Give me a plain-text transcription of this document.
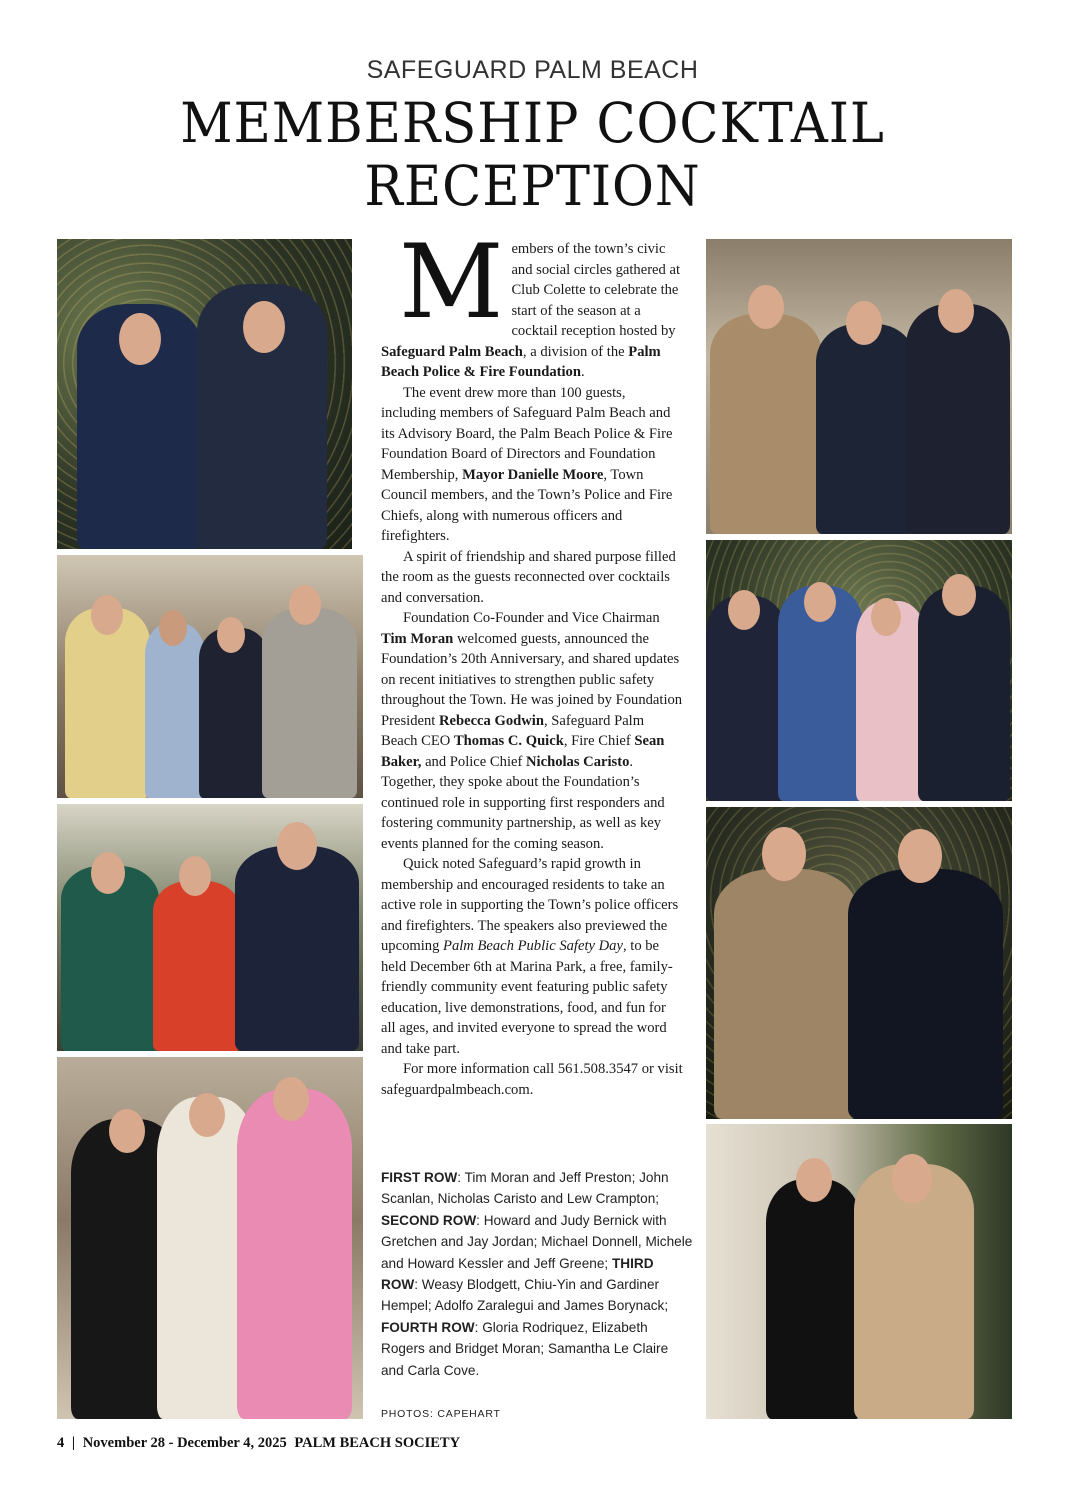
SAFEGUARD PALM BEACH
MEMBERSHIP COCKTAIL
RECEPTION

Members of the town’s civic and social circles gathered at Club Colette to celebrate the start of the season at a cocktail reception hosted by Safeguard Palm Beach, a division of the Palm Beach Police & Fire Foundation.

The event drew more than 100 guests, including members of Safeguard Palm Beach and its Advisory Board, the Palm Beach Police & Fire Foundation Board of Directors and Foundation Membership, Mayor Danielle Moore, Town Council members, and the Town’s Police and Fire Chiefs, along with numerous officers and firefighters.

A spirit of friendship and shared purpose filled the room as the guests reconnected over cocktails and conversation.

Foundation Co-Founder and Vice Chairman Tim Moran welcomed guests, announced the Foundation’s 20th Anniversary, and shared updates on recent initiatives to strengthen public safety throughout the Town. He was joined by Foundation President Rebecca Godwin, Safeguard Palm Beach CEO Thomas C. Quick, Fire Chief Sean Baker, and Police Chief Nicholas Caristo. Together, they spoke about the Foundation’s continued role in supporting first responders and fostering community partnership, as well as key events planned for the coming season.

Quick noted Safeguard’s rapid growth in membership and encouraged residents to take an active role in supporting the Town’s police officers and firefighters. The speakers also previewed the upcoming Palm Beach Public Safety Day, to be held December 6th at Marina Park, a free, family-friendly community event featuring public safety education, live demonstrations, food, and fun for all ages, and invited everyone to spread the word and take part.

For more information call 561.508.3547 or visit safeguardpalmbeach.com.

FIRST ROW: Tim Moran and Jeff Preston; John Scanlan, Nicholas Caristo and Lew Crampton; SECOND ROW: Howard and Judy Bernick with Gretchen and Jay Jordan; Michael Donnell, Michele and Howard Kessler and Jeff Greene; THIRD ROW: Weasy Blodgett, Chiu-Yin and Gardiner Hempel; Adolfo Zaralegui and James Borynack; FOURTH ROW: Gloria Rodriquez, Elizabeth Rogers and Bridget Moran; Samantha Le Claire and Carla Cove.
PHOTOS: CAPEHART
4 | November 28 - December 4, 2025 PALM BEACH SOCIETY
